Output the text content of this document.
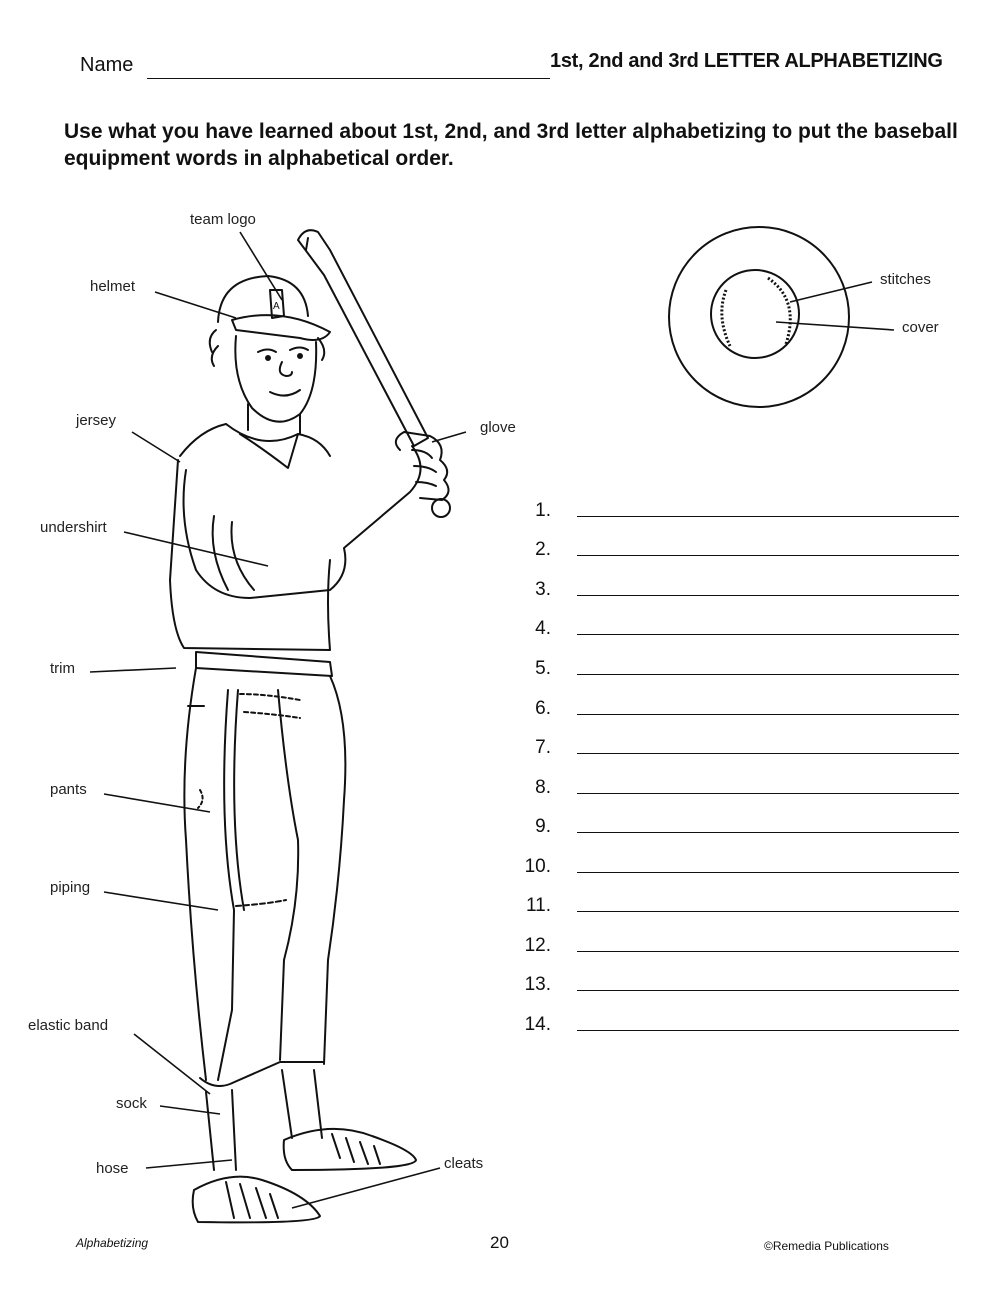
Name	1st, 2nd and 3rd LETTER ALPHABETIZING
Use what you have learned about 1st, 2nd, and 3rd letter alphabetizing to put the baseball equipment words in alphabetical order.
A
team logo
helmet
jersey	glove
undershirt
trim
pants
piping
elastic band
sock
hose	cleats
stitches
cover
1.
2.
3.
4.
5.
6.
7.
8.
9.
10.
11.
12.
13.
14.
Alphabetizing	20	©Remedia Publications
